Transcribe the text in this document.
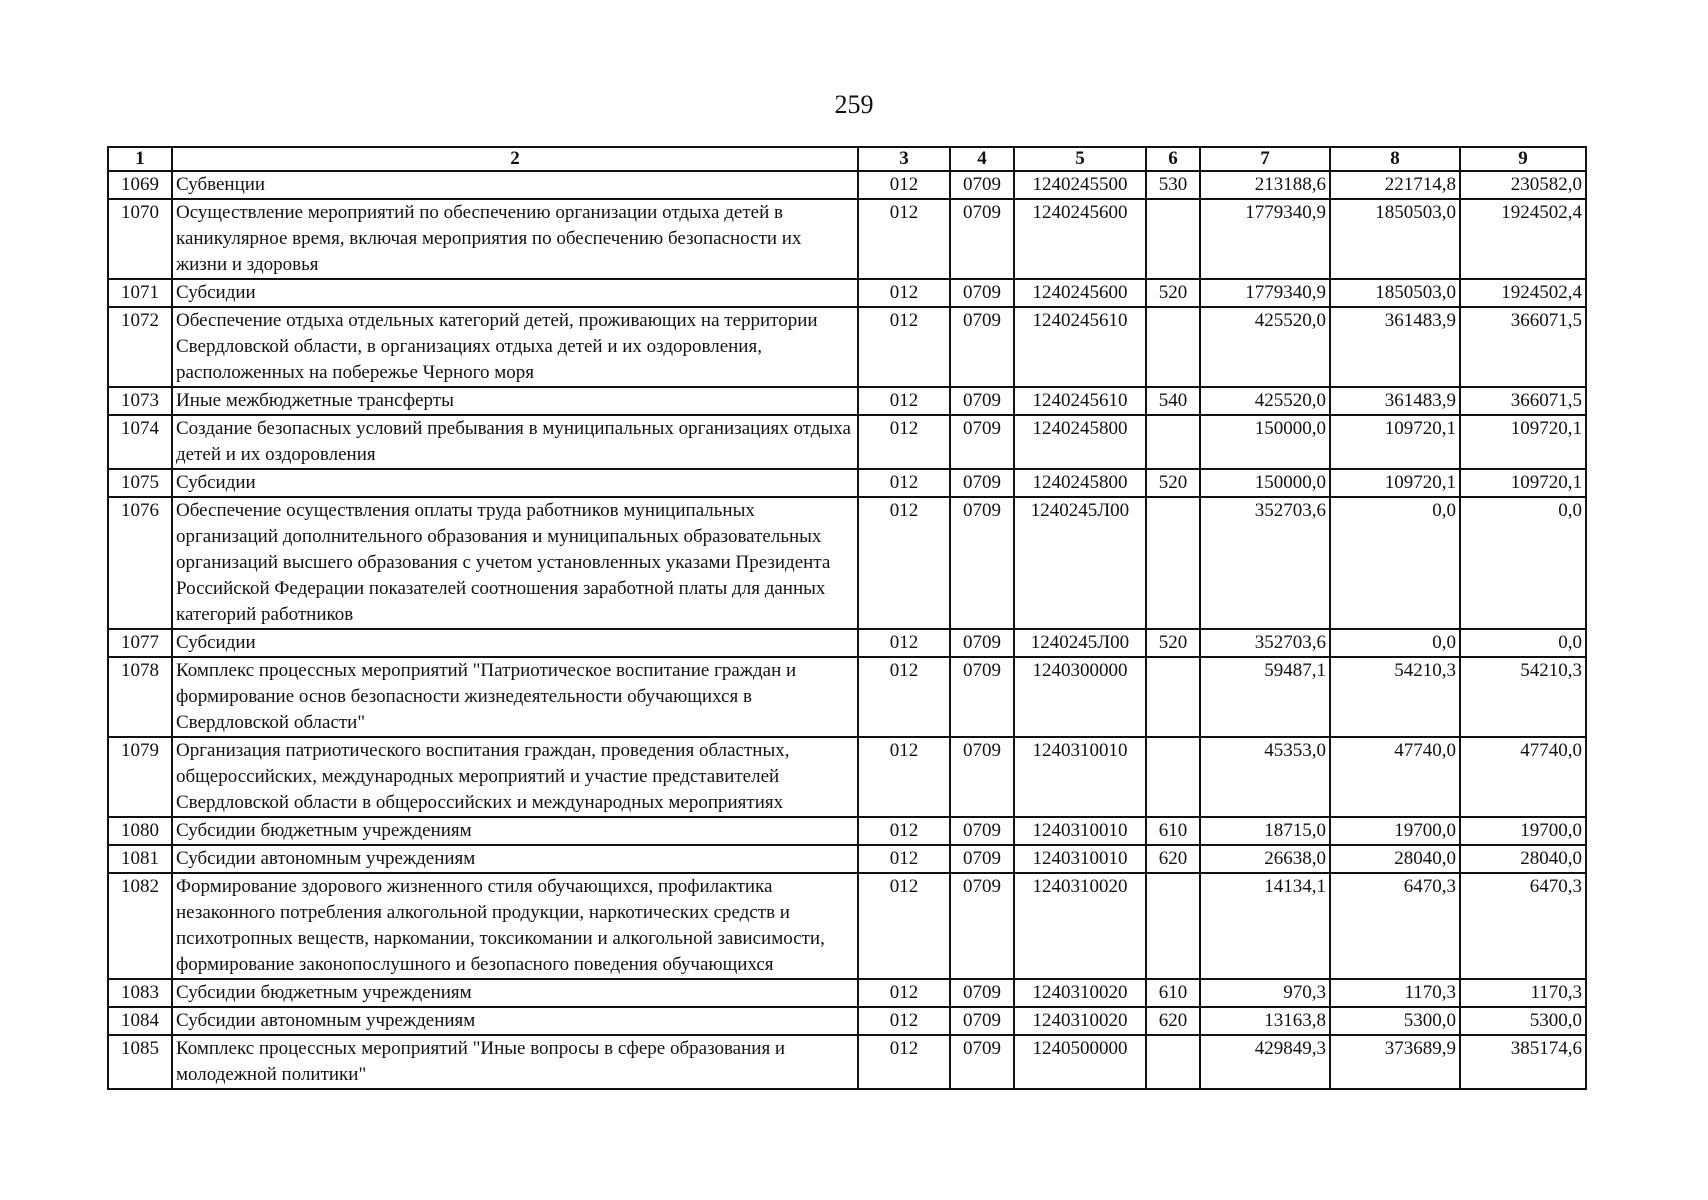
259
1	2	3	4	5	6	7	8	9
1069	Субвенции	012	0709	1240245500	530	213188,6	221714,8	230582,0
1070	Осуществление мероприятий по обеспечению организации отдыха детей в каникулярное время, включая мероприятия по обеспечению безопасности их жизни и здоровья	012	0709	1240245600		1779340,9	1850503,0	1924502,4
1071	Субсидии	012	0709	1240245600	520	1779340,9	1850503,0	1924502,4
1072	Обеспечение отдыха отдельных категорий детей, проживающих на территории Свердловской области, в организациях отдыха детей и их оздоровления, расположенных на побережье Черного моря	012	0709	1240245610		425520,0	361483,9	366071,5
1073	Иные межбюджетные трансферты	012	0709	1240245610	540	425520,0	361483,9	366071,5
1074	Создание безопасных условий пребывания в муниципальных организациях отдыха детей и их оздоровления	012	0709	1240245800		150000,0	109720,1	109720,1
1075	Субсидии	012	0709	1240245800	520	150000,0	109720,1	109720,1
1076	Обеспечение осуществления оплаты труда работников муниципальных организаций дополнительного образования и муниципальных образовательных организаций высшего образования с учетом установленных указами Президента Российской Федерации показателей соотношения заработной платы для данных категорий работников	012	0709	1240245Л00		352703,6	0,0	0,0
1077	Субсидии	012	0709	1240245Л00	520	352703,6	0,0	0,0
1078	Комплекс процессных мероприятий "Патриотическое воспитание граждан и формирование основ безопасности жизнедеятельности обучающихся в Свердловской области"	012	0709	1240300000		59487,1	54210,3	54210,3
1079	Организация патриотического воспитания граждан, проведения областных, общероссийских, международных мероприятий и участие представителей Свердловской области в общероссийских и международных мероприятиях	012	0709	1240310010		45353,0	47740,0	47740,0
1080	Субсидии бюджетным учреждениям	012	0709	1240310010	610	18715,0	19700,0	19700,0
1081	Субсидии автономным учреждениям	012	0709	1240310010	620	26638,0	28040,0	28040,0
1082	Формирование здорового жизненного стиля обучающихся, профилактика незаконного потребления алкогольной продукции, наркотических средств и психотропных веществ, наркомании, токсикомании и алкогольной зависимости, формирование законопослушного и безопасного поведения обучающихся	012	0709	1240310020		14134,1	6470,3	6470,3
1083	Субсидии бюджетным учреждениям	012	0709	1240310020	610	970,3	1170,3	1170,3
1084	Субсидии автономным учреждениям	012	0709	1240310020	620	13163,8	5300,0	5300,0
1085	Комплекс процессных мероприятий "Иные вопросы в сфере образования и молодежной политики"	012	0709	1240500000		429849,3	373689,9	385174,6
